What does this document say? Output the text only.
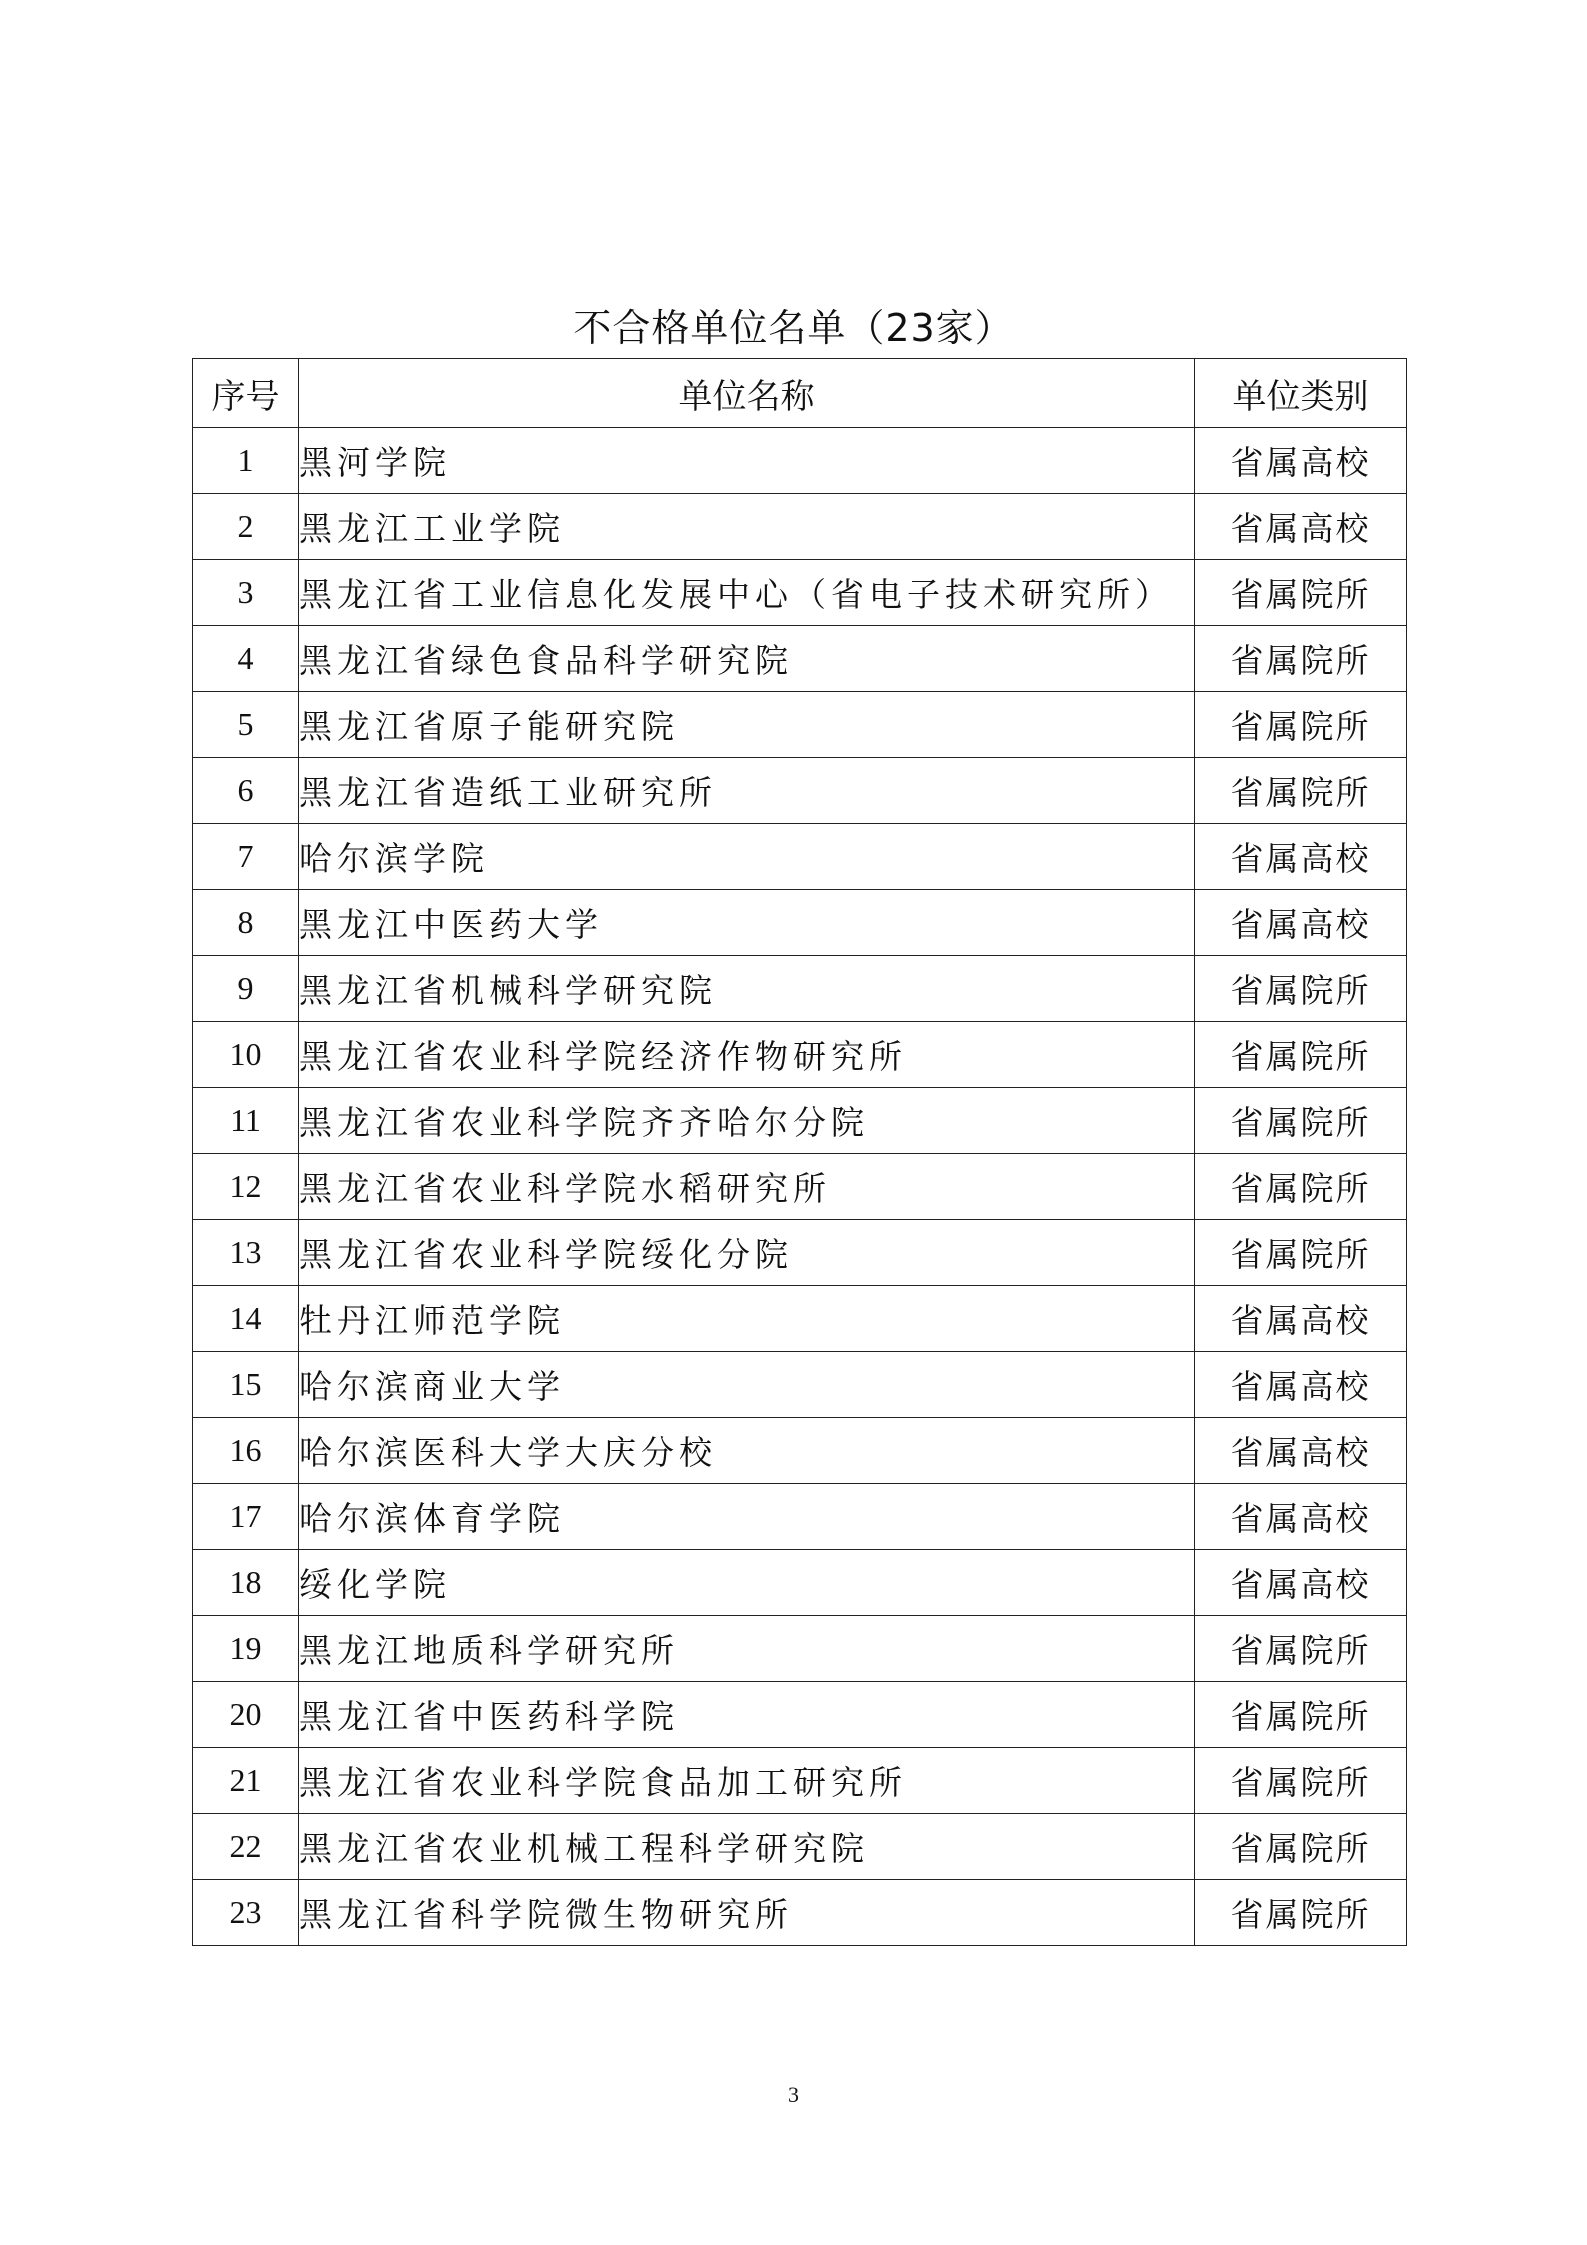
不合格单位名单（23家）
序号	单位名称	单位类别
1	黑河学院	省属高校
2	黑龙江工业学院	省属高校
3	黑龙江省工业信息化发展中心（省电子技术研究所）	省属院所
4	黑龙江省绿色食品科学研究院	省属院所
5	黑龙江省原子能研究院	省属院所
6	黑龙江省造纸工业研究所	省属院所
7	哈尔滨学院	省属高校
8	黑龙江中医药大学	省属高校
9	黑龙江省机械科学研究院	省属院所
10	黑龙江省农业科学院经济作物研究所	省属院所
11	黑龙江省农业科学院齐齐哈尔分院	省属院所
12	黑龙江省农业科学院水稻研究所	省属院所
13	黑龙江省农业科学院绥化分院	省属院所
14	牡丹江师范学院	省属高校
15	哈尔滨商业大学	省属高校
16	哈尔滨医科大学大庆分校	省属高校
17	哈尔滨体育学院	省属高校
18	绥化学院	省属高校
19	黑龙江地质科学研究所	省属院所
20	黑龙江省中医药科学院	省属院所
21	黑龙江省农业科学院食品加工研究所	省属院所
22	黑龙江省农业机械工程科学研究院	省属院所
23	黑龙江省科学院微生物研究所	省属院所
3
